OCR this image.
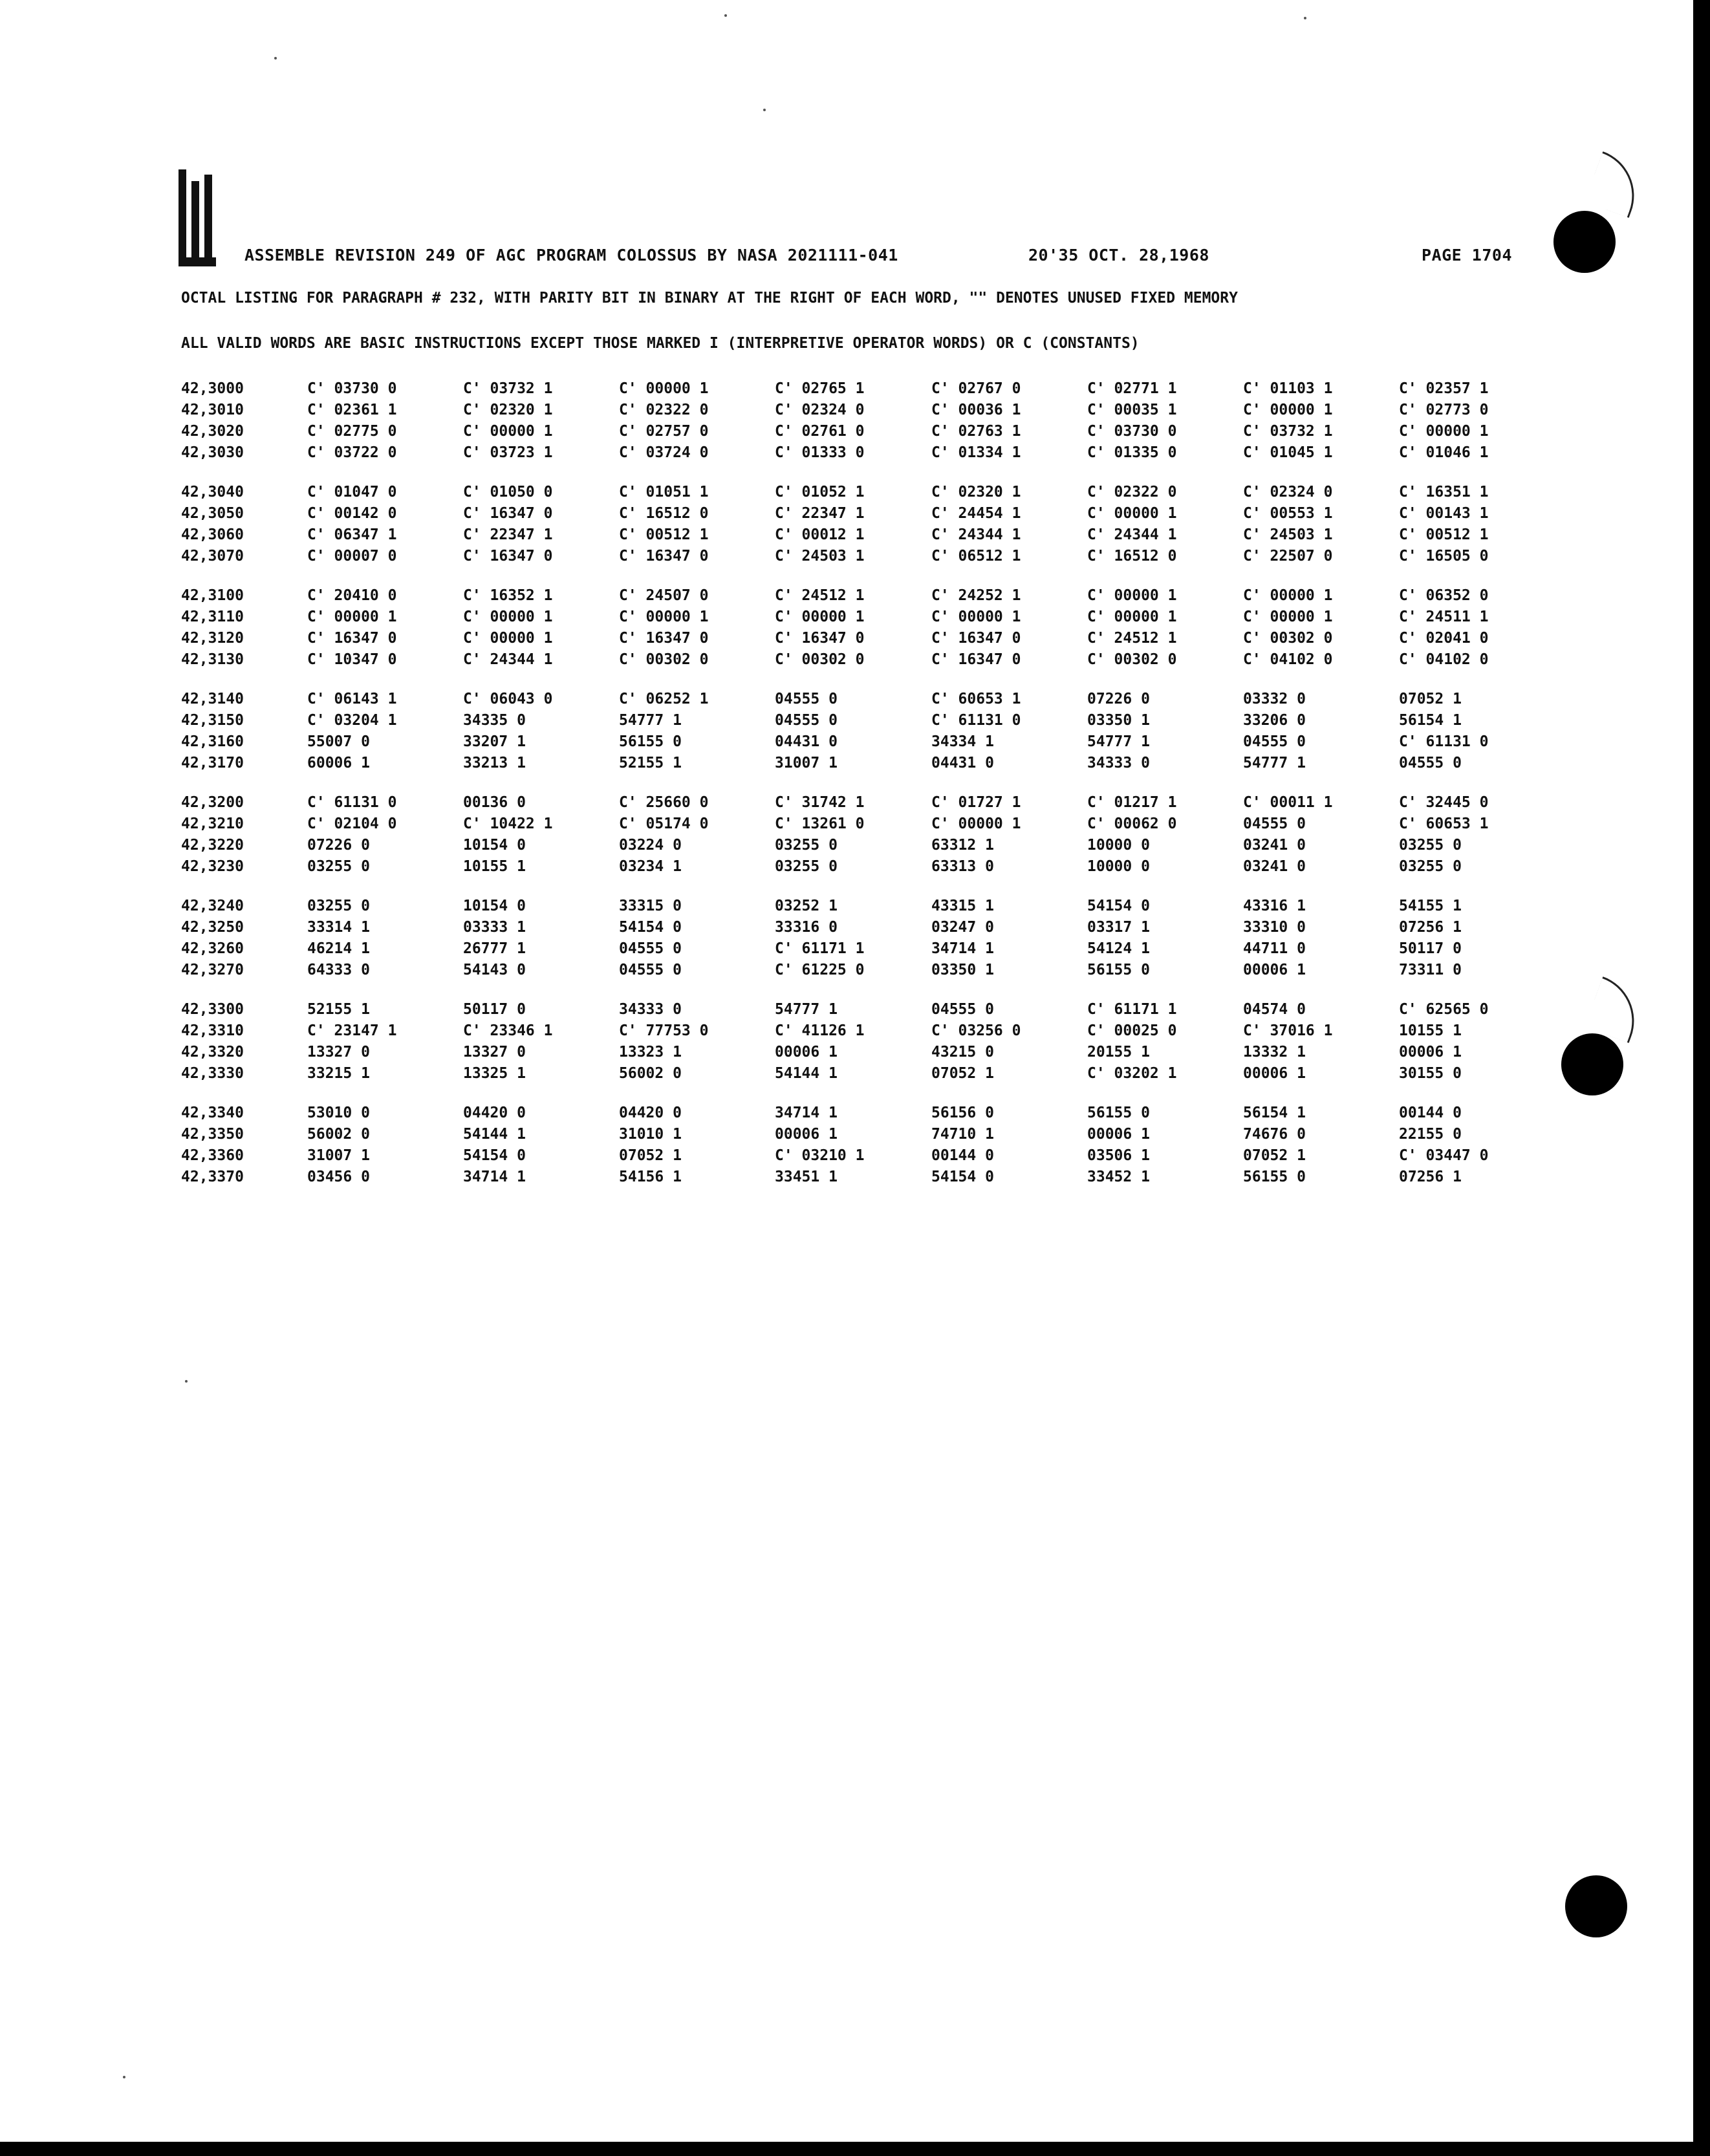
ASSEMBLE REVISION 249 OF AGC PROGRAM COLOSSUS BY NASA 2021111-041	20'35 OCT. 28,1968	PAGE 1704
OCTAL LISTING FOR PARAGRAPH # 232, WITH PARITY BIT IN BINARY AT THE RIGHT OF EACH WORD, "" DENOTES UNUSED FIXED MEMORY
ALL VALID WORDS ARE BASIC INSTRUCTIONS EXCEPT THOSE MARKED I (INTERPRETIVE OPERATOR WORDS) OR C (CONSTANTS)
42,3000	C' 03730 0	C' 03732 1	C' 00000 1	C' 02765 1	C' 02767 0	C' 02771 1	C' 01103 1	C' 02357 1
42,3010	C' 02361 1	C' 02320 1	C' 02322 0	C' 02324 0	C' 00036 1	C' 00035 1	C' 00000 1	C' 02773 0
42,3020	C' 02775 0	C' 00000 1	C' 02757 0	C' 02761 0	C' 02763 1	C' 03730 0	C' 03732 1	C' 00000 1
42,3030	C' 03722 0	C' 03723 1	C' 03724 0	C' 01333 0	C' 01334 1	C' 01335 0	C' 01045 1	C' 01046 1
42,3040	C' 01047 0	C' 01050 0	C' 01051 1	C' 01052 1	C' 02320 1	C' 02322 0	C' 02324 0	C' 16351 1
42,3050	C' 00142 0	C' 16347 0	C' 16512 0	C' 22347 1	C' 24454 1	C' 00000 1	C' 00553 1	C' 00143 1
42,3060	C' 06347 1	C' 22347 1	C' 00512 1	C' 00012 1	C' 24344 1	C' 24344 1	C' 24503 1	C' 00512 1
42,3070	C' 00007 0	C' 16347 0	C' 16347 0	C' 24503 1	C' 06512 1	C' 16512 0	C' 22507 0	C' 16505 0
42,3100	C' 20410 0	C' 16352 1	C' 24507 0	C' 24512 1	C' 24252 1	C' 00000 1	C' 00000 1	C' 06352 0
42,3110	C' 00000 1	C' 00000 1	C' 00000 1	C' 00000 1	C' 00000 1	C' 00000 1	C' 00000 1	C' 24511 1
42,3120	C' 16347 0	C' 00000 1	C' 16347 0	C' 16347 0	C' 16347 0	C' 24512 1	C' 00302 0	C' 02041 0
42,3130	C' 10347 0	C' 24344 1	C' 00302 0	C' 00302 0	C' 16347 0	C' 00302 0	C' 04102 0	C' 04102 0
42,3140	C' 06143 1	C' 06043 0	C' 06252 1	04555 0	C' 60653 1	07226 0	03332 0	07052 1
42,3150	C' 03204 1	34335 0	54777 1	04555 0	C' 61131 0	03350 1	33206 0	56154 1
42,3160	55007 0	33207 1	56155 0	04431 0	34334 1	54777 1	04555 0	C' 61131 0
42,3170	60006 1	33213 1	52155 1	31007 1	04431 0	34333 0	54777 1	04555 0
42,3200	C' 61131 0	00136 0	C' 25660 0	C' 31742 1	C' 01727 1	C' 01217 1	C' 00011 1	C' 32445 0
42,3210	C' 02104 0	C' 10422 1	C' 05174 0	C' 13261 0	C' 00000 1	C' 00062 0	04555 0	C' 60653 1
42,3220	07226 0	10154 0	03224 0	03255 0	63312 1	10000 0	03241 0	03255 0
42,3230	03255 0	10155 1	03234 1	03255 0	63313 0	10000 0	03241 0	03255 0
42,3240	03255 0	10154 0	33315 0	03252 1	43315 1	54154 0	43316 1	54155 1
42,3250	33314 1	03333 1	54154 0	33316 0	03247 0	03317 1	33310 0	07256 1
42,3260	46214 1	26777 1	04555 0	C' 61171 1	34714 1	54124 1	44711 0	50117 0
42,3270	64333 0	54143 0	04555 0	C' 61225 0	03350 1	56155 0	00006 1	73311 0
42,3300	52155 1	50117 0	34333 0	54777 1	04555 0	C' 61171 1	04574 0	C' 62565 0
42,3310	C' 23147 1	C' 23346 1	C' 77753 0	C' 41126 1	C' 03256 0	C' 00025 0	C' 37016 1	10155 1
42,3320	13327 0	13327 0	13323 1	00006 1	43215 0	20155 1	13332 1	00006 1
42,3330	33215 1	13325 1	56002 0	54144 1	07052 1	C' 03202 1	00006 1	30155 0
42,3340	53010 0	04420 0	04420 0	34714 1	56156 0	56155 0	56154 1	00144 0
42,3350	56002 0	54144 1	31010 1	00006 1	74710 1	00006 1	74676 0	22155 0
42,3360	31007 1	54154 0	07052 1	C' 03210 1	00144 0	03506 1	07052 1	C' 03447 0
42,3370	03456 0	34714 1	54156 1	33451 1	54154 0	33452 1	56155 0	07256 1
